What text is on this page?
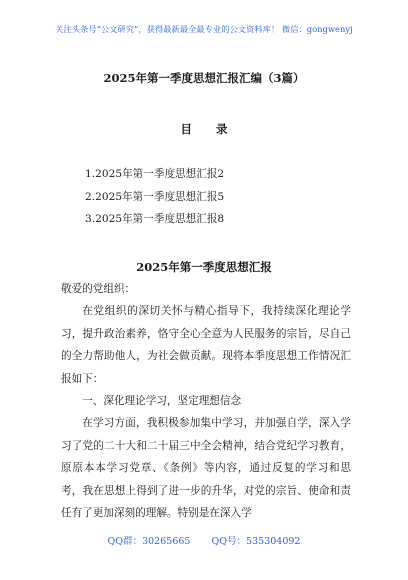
关注头条号“公文研究”，获得最新最全最专业的公文资料库！ 微信：gongwenyj
2025年第一季度思想汇报汇编（3篇）
目 录
1.2025年第一季度思想汇报2
2.2025年第一季度思想汇报5
3.2025年第一季度思想汇报8
2025年第一季度思想汇报

敬爱的党组织：

在党组织的深切关怀与精心指导下，我持续深化理论学习，提升政治素养，恪守全心全意为人民服务的宗旨，尽自己的全力帮助他人，为社会做贡献。现将本季度思想工作情况汇报如下：

一、深化理论学习，坚定理想信念

在学习方面，我积极参加集中学习，并加强自学，深入学习了党的二十大和二十届三中全会精神，结合党纪学习教育，原原本本学习党章、《条例》等内容，通过反复的学习和思考，我在思想上得到了进一步的升华，对党的宗旨、使命和责任有了更加深刻的理解。特别是在深入学

QQ群：30265665 QQ号：535304092
